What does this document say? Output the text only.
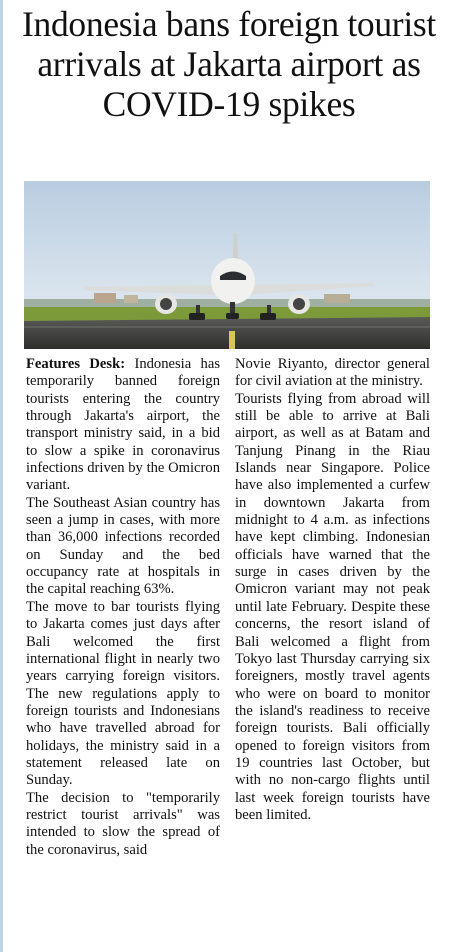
Indonesia bans foreign tourist arrivals at Jakarta airport as COVID-19 spikes

Features Desk: Indonesia has temporarily banned foreign tourists entering the country through Jakarta's airport, the transport ministry said, in a bid to slow a spike in coronavirus infections driven by the Omicron variant.

The Southeast Asian country has seen a jump in cases, with more than 36,000 infections recorded on Sunday and the bed occupancy rate at hospitals in the capital reaching 63%.

The move to bar tourists flying to Jakarta comes just days after Bali welcomed the first international flight in nearly two years carrying foreign visitors. The new regulations apply to foreign tourists and Indonesians who have travelled abroad for holidays, the ministry said in a statement released late on Sunday.

The decision to "temporarily restrict tourist arrivals" was intended to slow the spread of the coronavirus, said

Novie Riyanto, director general for civil aviation at the ministry.

Tourists flying from abroad will still be able to arrive at Bali airport, as well as at Batam and Tanjung Pinang in the Riau Islands near Singapore. Police have also implemented a curfew in downtown Jakarta from midnight to 4 a.m. as infections have kept climbing. Indonesian officials have warned that the surge in cases driven by the Omicron variant may not peak until late February. Despite these concerns, the resort island of Bali welcomed a flight from Tokyo last Thursday carrying six foreigners, mostly travel agents who were on board to monitor the island's readiness to receive foreign tourists. Bali officially opened to foreign visitors from 19 countries last October, but with no non-cargo flights until last week foreign tourists have been limited.
